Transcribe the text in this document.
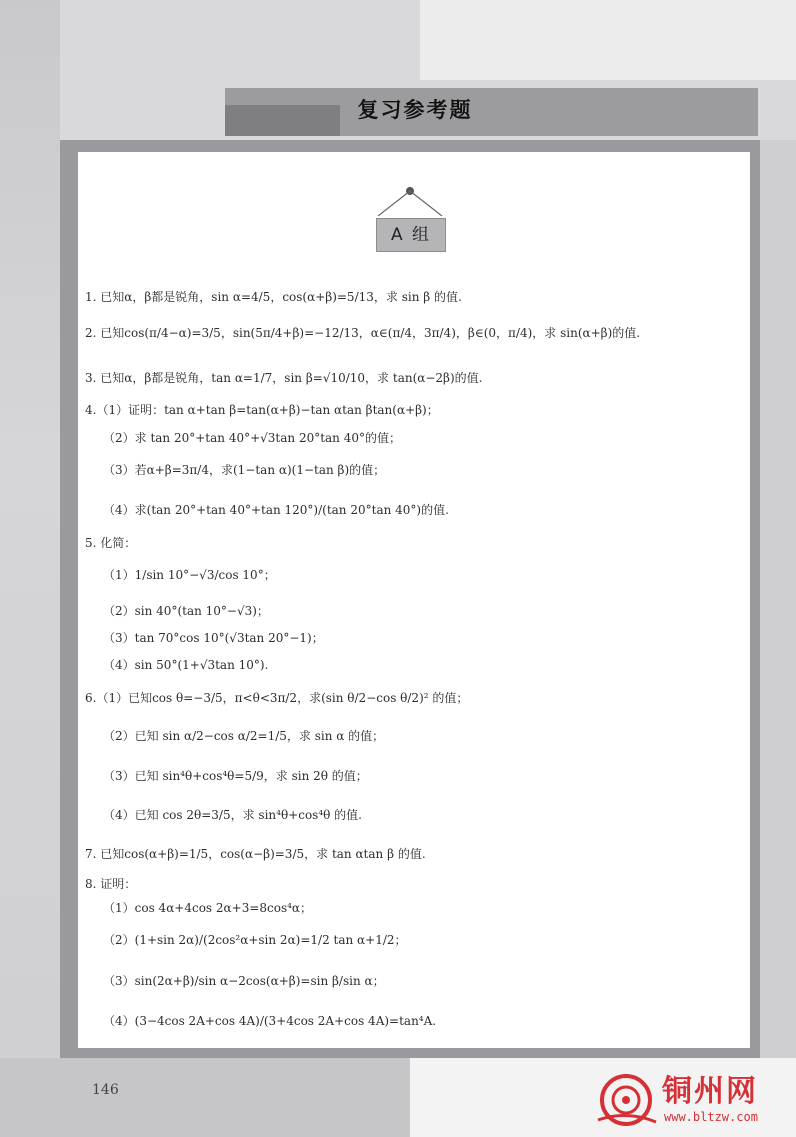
复习参考题
A 组
1. 已知α，β都是锐角，sin α=4/5，cos(α+β)=5/13，求 sin β 的值.
2. 已知cos(π/4−α)=3/5，sin(5π/4+β)=−12/13，α∈(π/4，3π/4)，β∈(0，π/4)，求 sin(α+β)的值.
3. 已知α，β都是锐角，tan α=1/7，sin β=√10/10，求 tan(α−2β)的值.
4.（1）证明：tan α+tan β=tan(α+β)−tan αtan βtan(α+β)；
（2）求 tan 20°+tan 40°+√3tan 20°tan 40°的值；
（3）若α+β=3π/4，求(1−tan α)(1−tan β)的值；
（4）求(tan 20°+tan 40°+tan 120°)/(tan 20°tan 40°)的值.
5. 化简：
（1）1/sin 10°−√3/cos 10°；
（2）sin 40°(tan 10°−√3)；
（3）tan 70°cos 10°(√3tan 20°−1)；
（4）sin 50°(1+√3tan 10°).
6.（1）已知cos θ=−3/5，π<θ<3π/2，求(sin θ/2−cos θ/2)² 的值；
（2）已知 sin α/2−cos α/2=1/5，求 sin α 的值；
（3）已知 sin⁴θ+cos⁴θ=5/9，求 sin 2θ 的值；
（4）已知 cos 2θ=3/5，求 sin⁴θ+cos⁴θ 的值.
7. 已知cos(α+β)=1/5，cos(α−β)=3/5，求 tan αtan β 的值.
8. 证明：
（1）cos 4α+4cos 2α+3=8cos⁴α；
（2）(1+sin 2α)/(2cos²α+sin 2α)=1/2 tan α+1/2；
（3）sin(2α+β)/sin α−2cos(α+β)=sin β/sin α；
（4）(3−4cos 2A+cos 4A)/(3+4cos 2A+cos 4A)=tan⁴A.
146	铜州网
www.bltzw.com
